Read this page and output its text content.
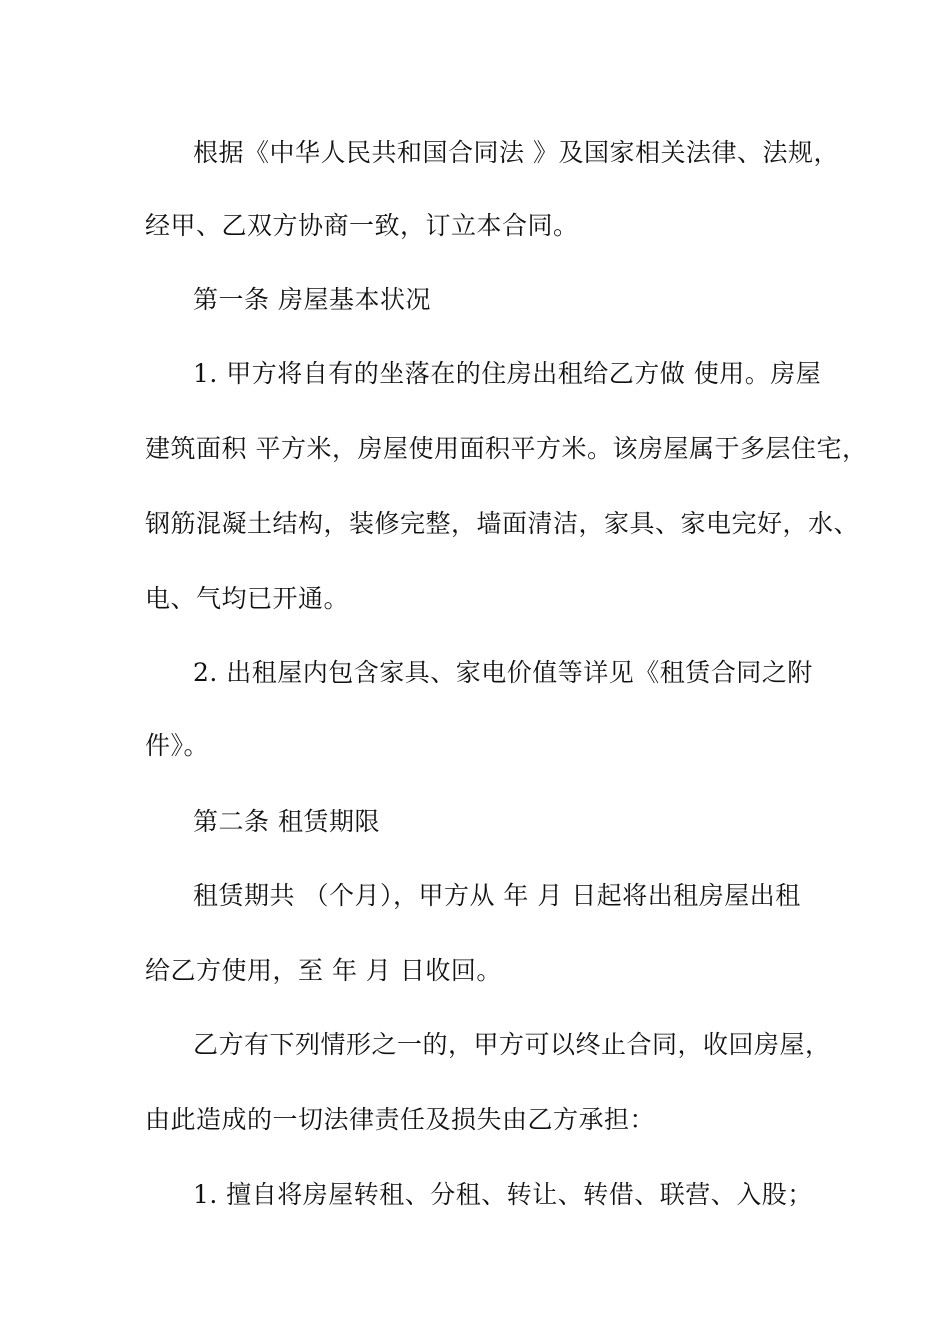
根据《中华人民共和国合同法 》及国家相关法律、法规，
经甲、乙双方协商一致，订立本合同。
第一条 房屋基本状况
1. 甲方将自有的坐落在的住房出租给乙方做 使用。房屋
建筑面积 平方米，房屋使用面积平方米。该房屋属于多层住宅，
钢筋混凝土结构，装修完整，墙面清洁，家具、家电完好，水、
电、气均已开通。
2. 出租屋内包含家具、家电价值等详见《租赁合同之附
件》。
第二条 租赁期限
租赁期共 （个月），甲方从 年 月 日起将出租房屋出租
给乙方使用，至 年 月 日收回。
乙方有下列情形之一的，甲方可以终止合同，收回房屋，
由此造成的一切法律责任及损失由乙方承担：
1. 擅自将房屋转租、分租、转让、转借、联营、入股；
